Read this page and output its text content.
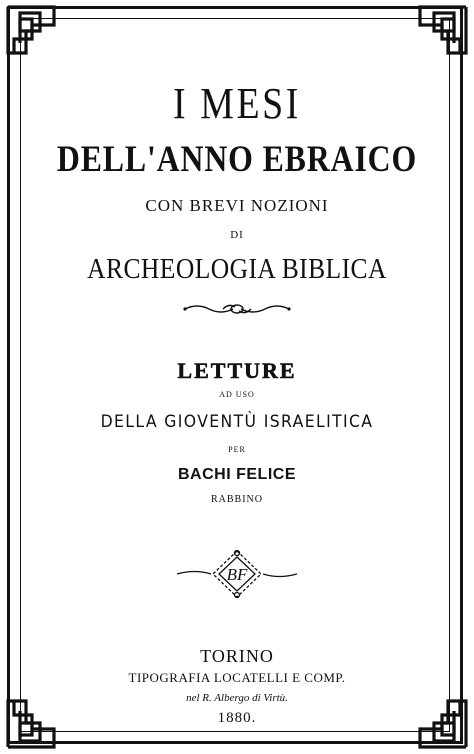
I MESI
DELL'ANNO EBRAICO
CON BREVI NOZIONI
DI
ARCHEOLOGIA BIBLICA
LETTURE
AD USO
DELLA GIOVENTÙ ISRAELITICA
PER
BACHI FELICE
RABBINO
BF
TORINO
TIPOGRAFIA LOCATELLI E COMP.
nel R. Albergo di Virtù.
1880.
